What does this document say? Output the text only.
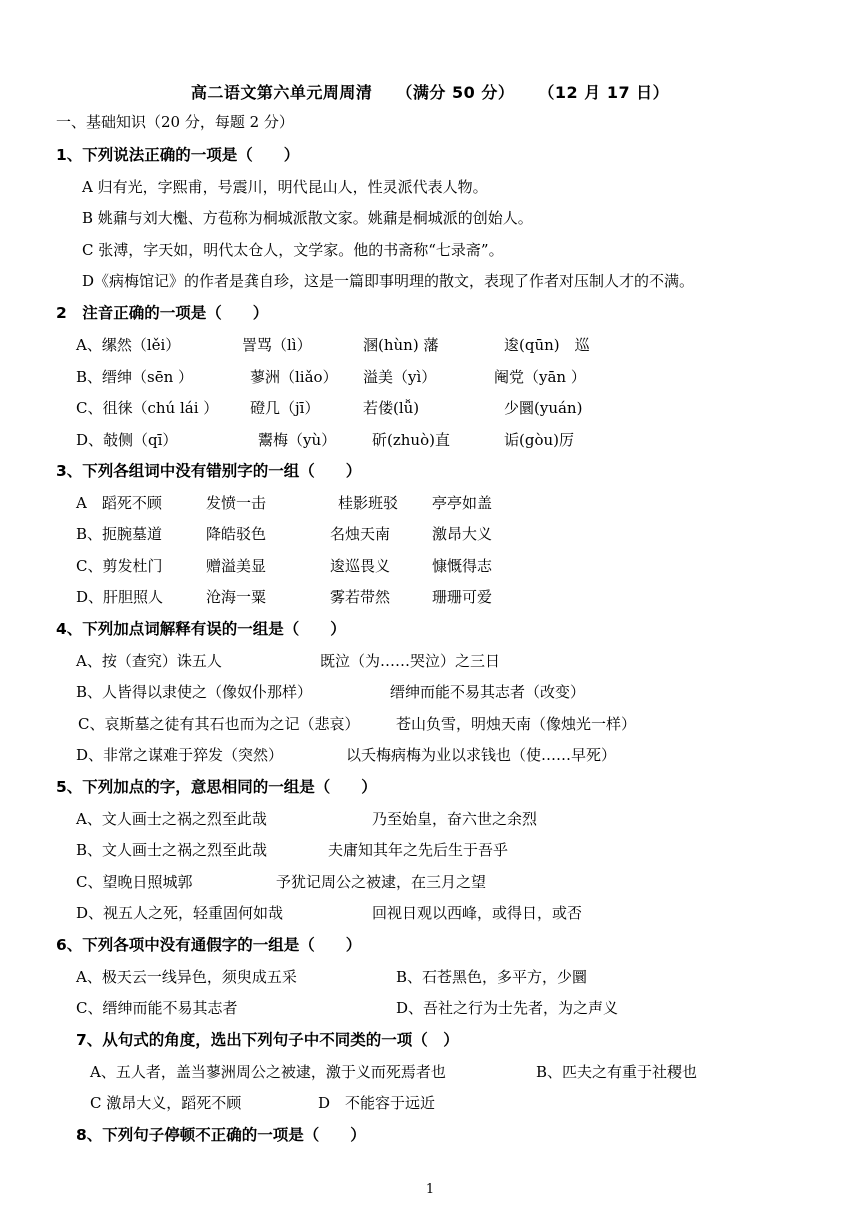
高二语文第六单元周周清 （满分 50 分） （12 月 17 日）
一、基础知识（20 分，每题 2 分）
1、下列说法正确的一项是（　　）
A 归有光，字熙甫，号震川，明代昆山人，性灵派代表人物。
B 姚鼐与刘大櫆、方苞称为桐城派散文家。姚鼐是桐城派的创始人。
C 张溥，字天如，明代太仓人，文学家。他的书斋称“七录斋”。
D《病梅馆记》的作者是龚自珍，这是一篇即事明理的散文，表现了作者对压制人才的不满。
2　注音正确的一项是（　　）
A、缧然（lěi）	詈骂（lì）	溷(hùn) 藩	逡(qūn)　巡
B、缙绅（sēn ）	蓼洲（liǎo） 溢美（yì）	阉党（yān ）
C、徂徕（chú lái ） 磴几（jī）	若偻(lǚ)	少圜(yuán)
D、攲侧（qī）	鬻梅（yù） 斫(zhuò)直	诟(gòu)厉
3、下列各组词中没有错别字的一组（　　）
A　蹈死不顾	发愤一击	桂影班驳 亭亭如盖
B、扼腕墓道	降皓驳色	名烛天南	激昂大义
C、剪发杜门	赠溢美显	逡巡畏义	慷慨得志
D、肝胆照人	沧海一粟	雾若带然	珊珊可爱
4、下列加点词解释有误的一组是（　　）
A、按（查究）诛五人	既泣（为……哭泣）之三日
B、人皆得以隶使之（像奴仆那样）	缙绅而能不易其志者（改变）
C、哀斯墓之徒有其石也而为之记（悲哀） 苍山负雪，明烛天南（像烛光一样）
D、非常之谋难于猝发（突然）	以夭梅病梅为业以求钱也（使……早死）
5、下列加点的字，意思相同的一组是（　　）
A、文人画士之祸之烈至此哉	乃至始皇，奋六世之余烈
B、文人画士之祸之烈至此哉	夫庸知其年之先后生于吾乎
C、望晚日照城郭	予犹记周公之被逮，在三月之望
D、视五人之死，轻重固何如哉	回视日观以西峰，或得日，或否
6、下列各项中没有通假字的一组是（　　）
A、极天云一线异色，须臾成五采	B、石苍黑色，多平方，少圜
C、缙绅而能不易其志者	D、吾社之行为士先者，为之声义
7、从句式的角度，选出下列句子中不同类的一项（　）
A、五人者，盖当蓼洲周公之被逮，激于义而死焉者也	B、匹夫之有重于社稷也
C 激昂大义，蹈死不顾	D　不能容于远近
8、下列句子停顿不正确的一项是（　　）
1
